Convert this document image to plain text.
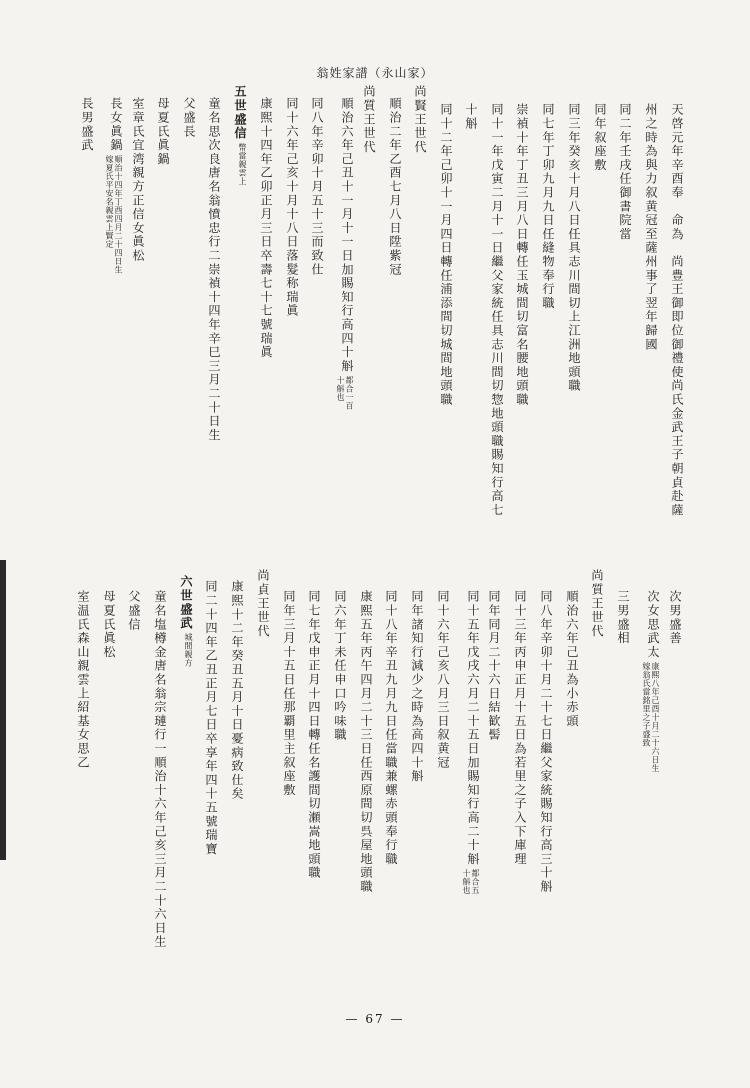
翁姓家譜（永山家）
天啓元年辛酉奉　命為　尚豊王御即位御禮使尚氏金武王子朝貞赴薩
州之時為與力叙黄冠至薩州事了翌年歸國
同二年壬戌任御書院當
同年叙座敷
同三年癸亥十月八日任具志川間切上江洲地頭職
同七年丁卯九月九日任縫物奉行職
崇禎十年丁丑三月八日轉任玉城間切富名腰地頭職
同十一年戊寅二月十一日繼父家統任具志川間切惣地頭職賜知行高七
十斛
同十二年己卯十一月四日轉任浦添間切城間地頭職
尚賢王世代
順治二年乙酉七月八日陞紫冠
尚質王世代
順治六年己丑十一月十一日加賜知行高四十斛都合一百
十斛也
同八年辛卯十月五十三而致仕
同十六年己亥十月十八日落髮称瑞眞
康煕十四年乙卯正月三日卒壽七十七號瑞眞
五世盛信幣當親雲上
童名思次良唐名翁憤忠行二崇禎十四年辛巳三月二十日生
父盛長
母夏氏眞鍋
室章氏宜湾親方正信女眞松
長女眞鍋順治十四年丁酉四月二十四日生
嫁夏氏平安名親雲上賢定
長男盛武
次男盛善
次女思武太康熙八年己酉十月二十六日生
嫁翁氏當銘里之子盛致
三男盛相
尚質王世代
順治六年己丑為小赤頭
同八年辛卯十月二十七日繼父家統賜知行高三十斛
同十三年丙申正月十五日為若里之子入下庫理
同年同月二十六日結歓髻
同十五年戊戌六月二十五日加賜知行高二十斛都合五
十斛也
同十六年己亥八月三日叙黄冠
同年諸知行減少之時為高四十斛
同十八年辛丑九月九日任當職兼螺赤頭奉行職
康熙五年丙午四月二十三日任西原間切呉屋地頭職
同六年丁未任申口吟味職
同七年戊申正月十四日轉任名護間切瀬嵩地頭職
同年三月十五日任那覇里主叙座敷
尚貞王世代
康煕十二年癸丑五月十日憂病致仕矣
同二十四年乙丑正月七日卒享年四十五號瑞寶
六世盛武城間親方
童名塩樽金唐名翁宗璉行一順治十六年己亥三月二十六日生
父盛信
母夏氏眞松
室温氏森山親雲上紹基女思乙
— 67 —
